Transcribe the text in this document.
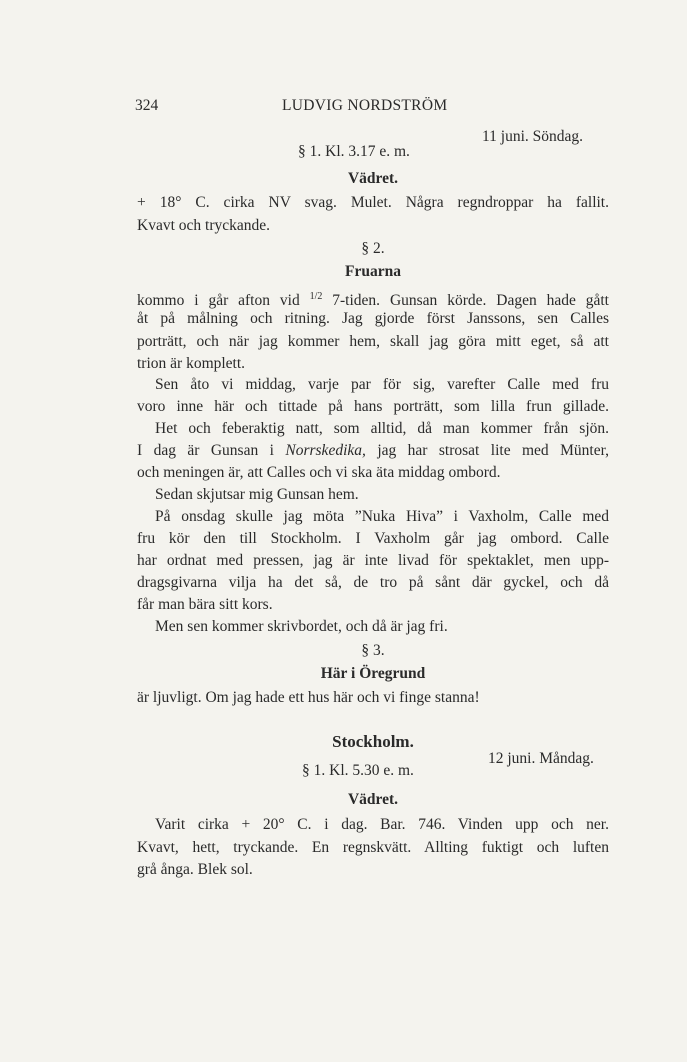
324	LUDVIG NORDSTRÖM
§ 1. Kl. 3.17 e. m.
11 juni. Söndag.
Vädret.
+ 18° C. cirka NV svag. Mulet. Några regndroppar ha fallit.
Kvavt och tryckande.
§ 2.
Fruarna
kommo i går afton vid $^{1/2}$ 7-tiden. Gunsan körde. Dagen hade gått
åt på målning och ritning. Jag gjorde först Janssons, sen Calles
porträtt, och när jag kommer hem, skall jag göra mitt eget, så att
trion är komplett.
Sen åto vi middag, varje par för sig, varefter Calle med fru
voro inne här och tittade på hans porträtt, som lilla frun gillade.
Het och feberaktig natt, som alltid, då man kommer från sjön.
I dag är Gunsan i Norrskedika, jag har strosat lite med Münter,
och meningen är, att Calles och vi ska äta middag ombord.
Sedan skjutsar mig Gunsan hem.
På onsdag skulle jag möta ”Nuka Hiva” i Vaxholm, Calle med
fru kör den till Stockholm. I Vaxholm går jag ombord. Calle
har ordnat med pressen, jag är inte livad för spektaklet, men upp-
dragsgivarna vilja ha det så, de tro på sånt där gyckel, och då
får man bära sitt kors.
Men sen kommer skrivbordet, och då är jag fri.
§ 3.
Här i Öregrund
är ljuvligt. Om jag hade ett hus här och vi finge stanna!
Stockholm.
§ 1. Kl. 5.30 e. m.
12 juni. Måndag.
Vädret.
Varit cirka + 20° C. i dag. Bar. 746. Vinden upp och ner.
Kvavt, hett, tryckande. En regnskvätt. Allting fuktigt och luften
grå ånga. Blek sol.
